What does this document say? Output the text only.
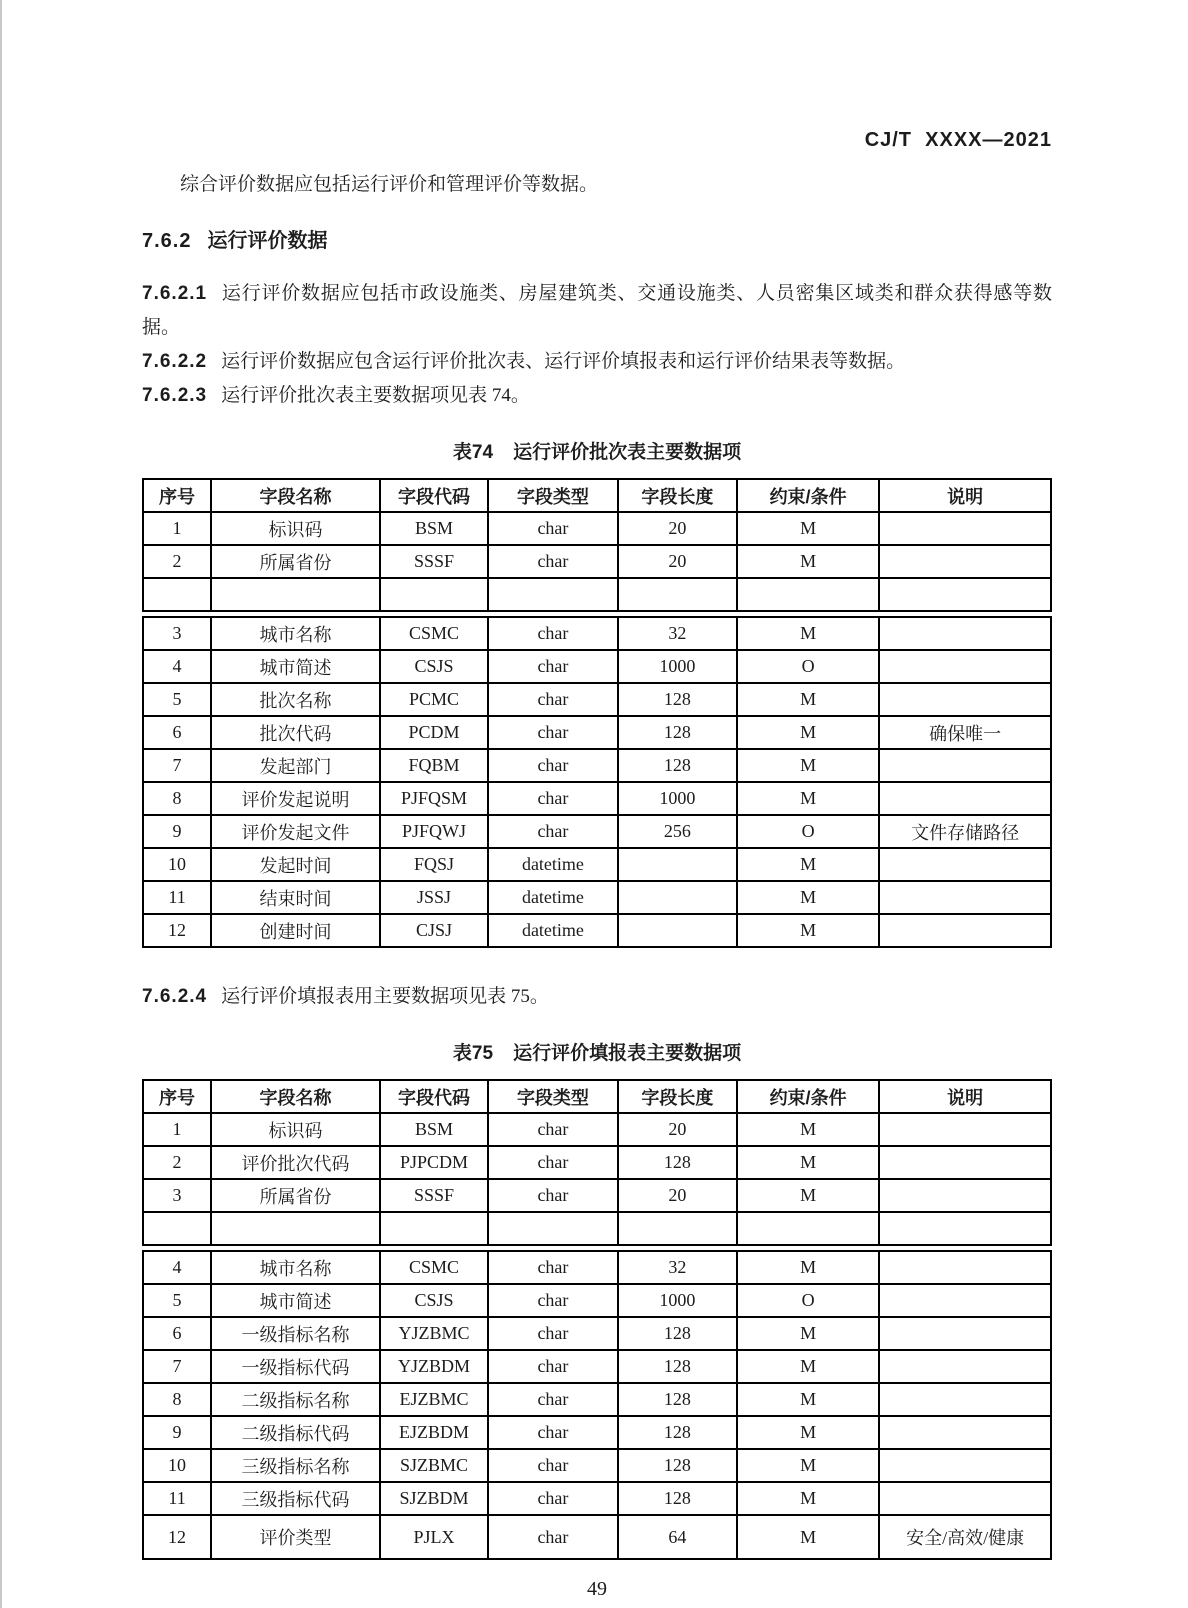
CJ/T  XXXX—2021

综合评价数据应包括运行评价和管理评价等数据。

7.6.2 运行评价数据

7.6.2.1 运行评价数据应包括市政设施类、房屋建筑类、交通设施类、人员密集区域类和群众获得感等数据。

7.6.2.2 运行评价数据应包含运行评价批次表、运行评价填报表和运行评价结果表等数据。

7.6.2.3 运行评价批次表主要数据项见表 74。

表74 运行评价批次表主要数据项
序号	字段名称	字段代码	字段类型	字段长度	约束/条件	说明
1	标识码	BSM	char	20	M	
2	所属省份	SSSF	char	20	M	

3	城市名称	CSMC	char	32	M	
4	城市简述	CSJS	char	1000	O	
5	批次名称	PCMC	char	128	M	
6	批次代码	PCDM	char	128	M	确保唯一
7	发起部门	FQBM	char	128	M	
8	评价发起说明	PJFQSM	char	1000	M	
9	评价发起文件	PJFQWJ	char	256	O	文件存储路径
10	发起时间	FQSJ	datetime		M	
11	结束时间	JSSJ	datetime		M	
12	创建时间	CJSJ	datetime		M	

7.6.2.4 运行评价填报表用主要数据项见表 75。

表75 运行评价填报表主要数据项
序号	字段名称	字段代码	字段类型	字段长度	约束/条件	说明
1	标识码	BSM	char	20	M	
2	评价批次代码	PJPCDM	char	128	M	
3	所属省份	SSSF	char	20	M	

4	城市名称	CSMC	char	32	M	
5	城市简述	CSJS	char	1000	O	
6	一级指标名称	YJZBMC	char	128	M	
7	一级指标代码	YJZBDM	char	128	M	
8	二级指标名称	EJZBMC	char	128	M	
9	二级指标代码	EJZBDM	char	128	M	
10	三级指标名称	SJZBMC	char	128	M	
11	三级指标代码	SJZBDM	char	128	M	
12	评价类型	PJLX	char	64	M	安全/高效/健康
49
